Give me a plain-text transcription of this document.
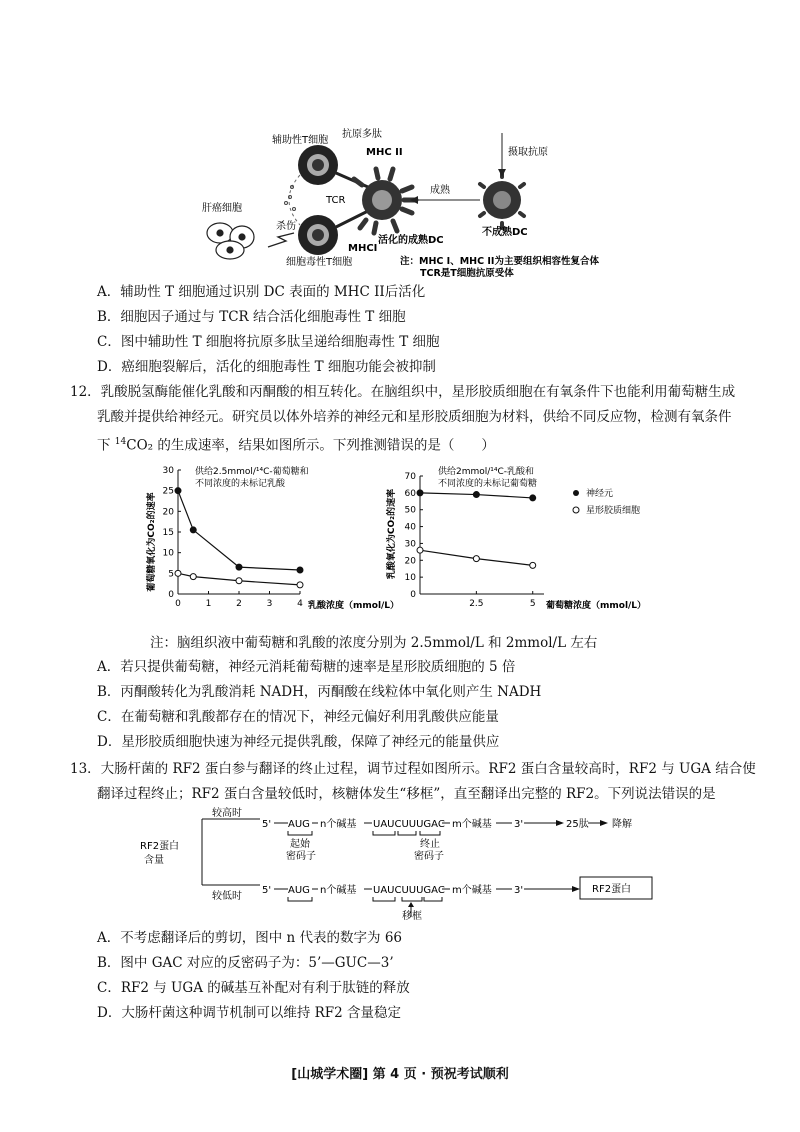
辅助性T细胞
抗原多肽
MHC II	摄取抗原
TCR
成熟
肝癌细胞
杀伤
MHCI
活化的成熟DC
不成熟DC
细胞毒性T细胞	注：MHC I、MHC II为主要组织相容性复合体
TCR是T细胞抗原受体
A．辅助性 T 细胞通过识别 DC 表面的 MHC II后活化
B．细胞因子通过与 TCR 结合活化细胞毒性 T 细胞
C．图中辅助性 T 细胞将抗原多肽呈递给细胞毒性 T 细胞
D．癌细胞裂解后，活化的细胞毒性 T 细胞功能会被抑制
12．乳酸脱氢酶能催化乳酸和丙酮酸的相互转化。在脑组织中，星形胶质细胞在有氧条件下也能利用葡萄糖生成
乳酸并提供给神经元。研究员以体外培养的神经元和星形胶质细胞为材料，供给不同反应物，检测有氧条件
下 $^{14}$CO₂ 的生成速率，结果如图所示。下列推测错误的是（　　）
供给2.5mmol/¹⁴C-葡萄糖和
不同浓度的未标记乳酸
葡萄糖氧化为CO₂的速率
乳酸浓度（mmol/L）
0
5
10
15
20
25
30
0	1	2	3	4
供给2mmol/¹⁴C-乳酸和
不同浓度的未标记葡萄糖
乳酸氧化为CO₂的速率
葡萄糖浓度（mmol/L）
神经元
星形胶质细胞
0
10
20
30
40
50
60
70
2.5	5
注：脑组织液中葡萄糖和乳酸的浓度分别为 2.5mmol/L 和 2mmol/L 左右
A．若只提供葡萄糖，神经元消耗葡萄糖的速率是星形胶质细胞的 5 倍
B．丙酮酸转化为乳酸消耗 NADH，丙酮酸在线粒体中氧化则产生 NADH
C．在葡萄糖和乳酸都存在的情况下，神经元偏好利用乳酸供应能量
D．星形胶质细胞快速为神经元提供乳酸，保障了神经元的能量供应
13．大肠杆菌的 RF2 蛋白参与翻译的终止过程，调节过程如图所示。RF2 蛋白含量较高时，RF2 与 UGA 结合使
翻译过程终止；RF2 蛋白含量较低时，核糖体发生“移框”，直至翻译出完整的 RF2。下列说法错误的是
较高时
较低时
RF2蛋白
含量
5' AUG n个碱基 UAUCUUUGAC m个碱基 3'	25肽 降解
起始
密码子
终止
密码子
5' AUG n个碱基 UAUCUUUGAC m个碱基 3'
移框
RF2蛋白
A．不考虑翻译后的剪切，图中 n 代表的数字为 66
B．图中 GAC 对应的反密码子为：5’—GUC—3’
C．RF2 与 UGA 的碱基互补配对有利于肽链的释放
D．大肠杆菌这种调节机制可以维持 RF2 含量稳定
[山城学术圈] 第 4 页 · 预祝考试顺利
